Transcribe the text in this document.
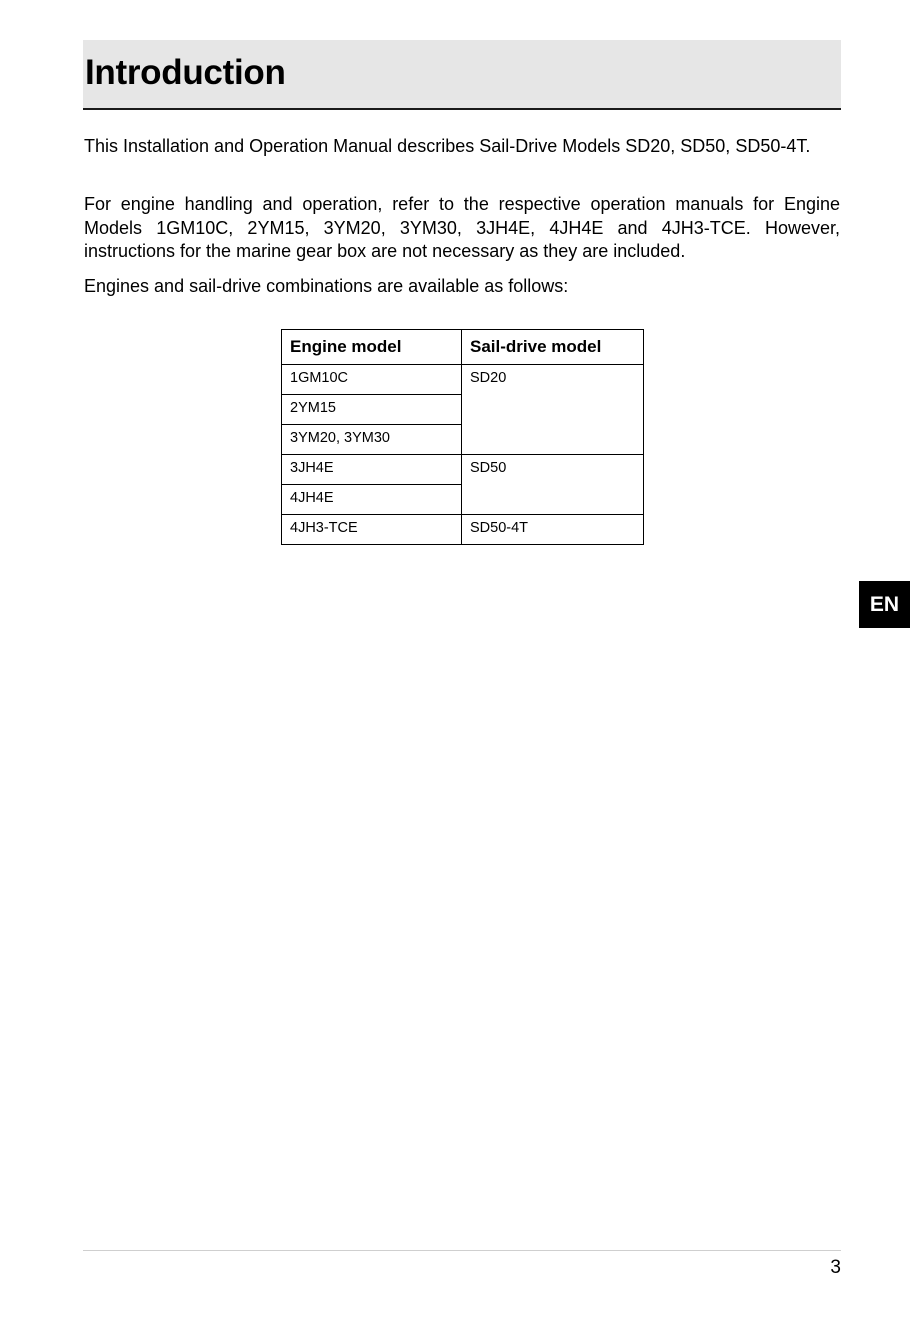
Introduction

This Installation and Operation Manual describes Sail-Drive Models SD20, SD50, SD50-4T.

For engine handling and operation, refer to the respective operation manuals for Engine Models 1GM10C, 2YM15, 3YM20, 3YM30, 3JH4E, 4JH4E and 4JH3-TCE. However, instructions for the marine gear box are not necessary as they are included.

Engines and sail-drive combinations are available as follows:

Engine model	Sail-drive model
1GM10C	SD20
2YM15	
3YM20, 3YM30	
3JH4E	SD50
4JH4E	
4JH3-TCE	SD50-4T
EN
3
